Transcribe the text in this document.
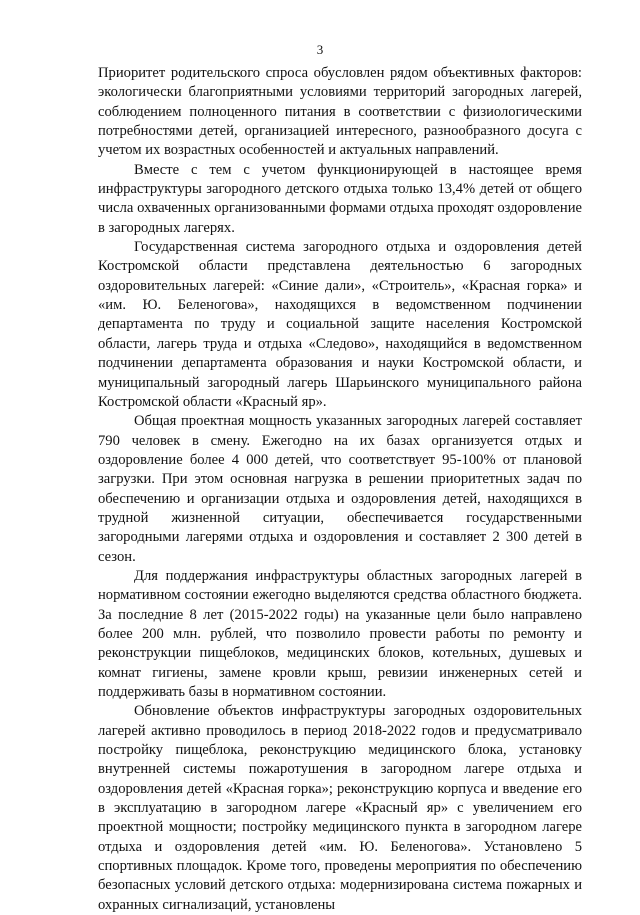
3

Приоритет родительского спроса обусловлен рядом объективных факторов: экологически благоприятными условиями территорий загородных лагерей, соблюдением полноценного питания в соответствии с физиологическими потребностями детей, организацией интересного, разнообразного досуга с учетом их возрастных особенностей и актуальных направлений.

Вместе с тем с учетом функционирующей в настоящее время инфраструктуры загородного детского отдыха только 13,4% детей от общего числа охваченных организованными формами отдыха проходят оздоровление в загородных лагерях.

Государственная система загородного отдыха и оздоровления детей Костромской области представлена деятельностью 6 загородных оздоровительных лагерей: «Синие дали», «Строитель», «Красная горка» и «им. Ю. Беленогова», находящихся в ведомственном подчинении департамента по труду и социальной защите населения Костромской области, лагерь труда и отдыха «Следово», находящийся в ведомственном подчинении департамента образования и науки Костромской области, и муниципальный загородный лагерь Шарьинского муниципального района Костромской области «Красный яр».

Общая проектная мощность указанных загородных лагерей составляет 790 человек в смену. Ежегодно на их базах организуется отдых и оздоровление более 4 000 детей, что соответствует 95-100% от плановой загрузки. При этом основная нагрузка в решении приоритетных задач по обеспечению и организации отдыха и оздоровления детей, находящихся в трудной жизненной ситуации, обеспечивается государственными загородными лагерями отдыха и оздоровления и составляет 2 300 детей в сезон.

Для поддержания инфраструктуры областных загородных лагерей в нормативном состоянии ежегодно выделяются средства областного бюджета. За последние 8 лет (2015-2022 годы) на указанные цели было направлено более 200 млн. рублей, что позволило провести работы по ремонту и реконструкции пищеблоков, медицинских блоков, котельных, душевых и комнат гигиены, замене кровли крыш, ревизии инженерных сетей и поддерживать базы в нормативном состоянии.

Обновление объектов инфраструктуры загородных оздоровительных лагерей активно проводилось в период 2018-2022 годов и предусматривало постройку пищеблока, реконструкцию медицинского блока, установку внутренней системы пожаротушения в загородном лагере отдыха и оздоровления детей «Красная горка»; реконструкцию корпуса и введение его в эксплуатацию в загородном лагере «Красный яр» с увеличением его проектной мощности; постройку медицинского пункта в загородном лагере отдыха и оздоровления детей «им. Ю. Беленогова». Установлено 5 спортивных площадок. Кроме того, проведены мероприятия по обеспечению безопасных условий детского отдыха: модернизирована система пожарных и охранных сигнализаций, установлены
